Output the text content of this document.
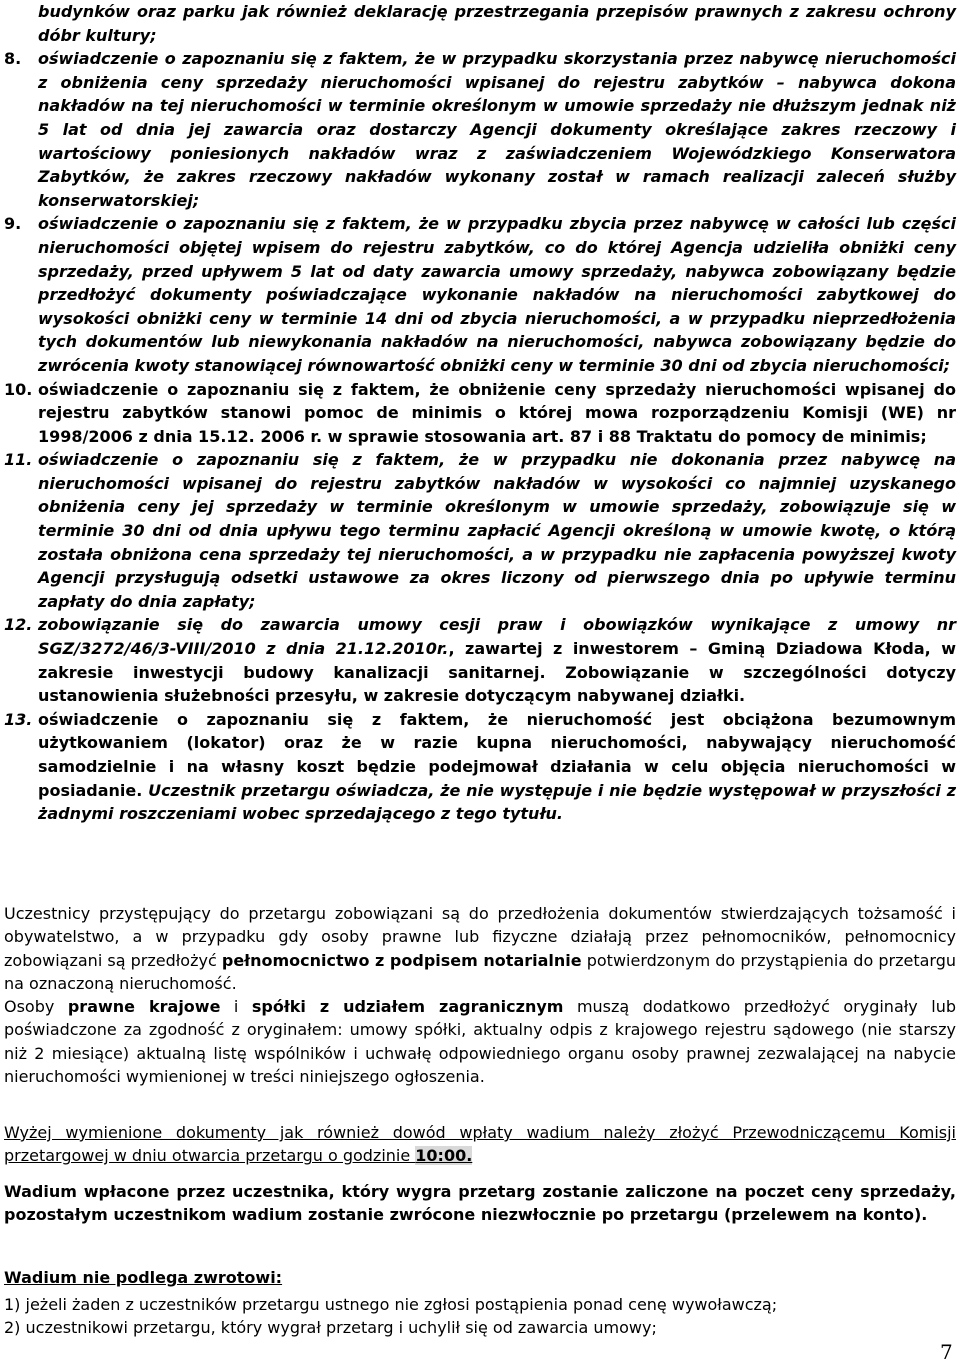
budynków oraz parku jak również deklarację przestrzegania przepisów prawnych z zakresu ochrony dóbr kultury;
8. oświadczenie o zapoznaniu się z faktem, że w przypadku skorzystania przez nabywcę nieruchomości z obniżenia ceny sprzedaży nieruchomości wpisanej do rejestru zabytków – nabywca dokona nakładów na tej nieruchomości w terminie określonym w umowie sprzedaży nie dłuższym jednak niż 5 lat od dnia jej zawarcia oraz dostarczy Agencji dokumenty określające zakres rzeczowy i wartościowy poniesionych nakładów wraz z zaświadczeniem Wojewódzkiego Konserwatora Zabytków, że zakres rzeczowy nakładów wykonany został w ramach realizacji zaleceń służby konserwatorskiej;
9. oświadczenie o zapoznaniu się z faktem, że w przypadku zbycia przez nabywcę w całości lub części nieruchomości objętej wpisem do rejestru zabytków, co do której Agencja udzieliła obniżki ceny sprzedaży, przed upływem 5 lat od daty zawarcia umowy sprzedaży, nabywca zobowiązany będzie przedłożyć dokumenty poświadczające wykonanie nakładów na nieruchomości zabytkowej do wysokości obniżki ceny w terminie 14 dni od zbycia nieruchomości, a w przypadku nieprzedłożenia tych dokumentów lub niewykonania nakładów na nieruchomości, nabywca zobowiązany będzie do zwrócenia kwoty stanowiącej równowartość obniżki ceny w terminie 30 dni od zbycia nieruchomości;
10. oświadczenie o zapoznaniu się z faktem, że obniżenie ceny sprzedaży nieruchomości wpisanej do rejestru zabytków stanowi pomoc de minimis o której mowa rozporządzeniu Komisji (WE) nr 1998/2006 z dnia 15.12. 2006 r. w sprawie stosowania art. 87 i 88 Traktatu do pomocy de minimis;
11. oświadczenie o zapoznaniu się z faktem, że w przypadku nie dokonania przez nabywcę na nieruchomości wpisanej do rejestru zabytków nakładów w wysokości co najmniej uzyskanego obniżenia ceny jej sprzedaży w terminie określonym w umowie sprzedaży, zobowiązuje się w terminie 30 dni od dnia upływu tego terminu zapłacić Agencji określoną w umowie kwotę, o którą została obniżona cena sprzedaży tej nieruchomości, a w przypadku nie zapłacenia powyższej kwoty Agencji przysługują odsetki ustawowe za okres liczony od pierwszego dnia po upływie terminu zapłaty do dnia zapłaty;
12. zobowiązanie się do zawarcia umowy cesji praw i obowiązków wynikające z umowy nr SGZ/3272/46/3-VIII/2010 z dnia 21.12.2010r., zawartej z inwestorem – Gminą Dziadowa Kłoda, w zakresie inwestycji budowy kanalizacji sanitarnej. Zobowiązanie w szczególności dotyczy ustanowienia służebności przesyłu, w zakresie dotyczącym nabywanej działki.
13. oświadczenie o zapoznaniu się z faktem, że nieruchomość jest obciążona bezumownym użytkowaniem (lokator) oraz że w razie kupna nieruchomości, nabywający nieruchomość samodzielnie i na własny koszt będzie podejmował działania w celu objęcia nieruchomości w posiadanie. Uczestnik przetargu oświadcza, że nie występuje i nie będzie występował w przyszłości z żadnymi roszczeniami wobec sprzedającego z tego tytułu.
Uczestnicy przystępujący do przetargu zobowiązani są do przedłożenia dokumentów stwierdzających tożsamość i obywatelstwo, a w przypadku gdy osoby prawne lub fizyczne działają przez pełnomocników, pełnomocnicy zobowiązani są przedłożyć pełnomocnictwo z podpisem notarialnie potwierdzonym do przystąpienia do przetargu na oznaczoną nieruchomość.
Osoby prawne krajowe i spółki z udziałem zagranicznym muszą dodatkowo przedłożyć oryginały lub poświadczone za zgodność z oryginałem: umowy spółki, aktualny odpis z krajowego rejestru sądowego (nie starszy niż 2 miesiące) aktualną listę wspólników i uchwałę odpowiedniego organu osoby prawnej zezwalającej na nabycie nieruchomości wymienionej w treści niniejszego ogłoszenia.
Wyżej wymienione dokumenty jak również dowód wpłaty wadium należy złożyć Przewodniczącemu Komisji przetargowej w dniu otwarcia przetargu o godzinie 10:00.
Wadium wpłacone przez uczestnika, który wygra przetarg zostanie zaliczone na poczet ceny sprzedaży, pozostałym uczestnikom wadium zostanie zwrócone niezwłocznie po przetargu (przelewem na konto).
Wadium nie podlega zwrotowi:
1) jeżeli żaden z uczestników przetargu ustnego nie zgłosi postąpienia ponad cenę wywoławczą;
2) uczestnikowi przetargu, który wygrał przetarg i uchylił się od zawarcia umowy;
7
